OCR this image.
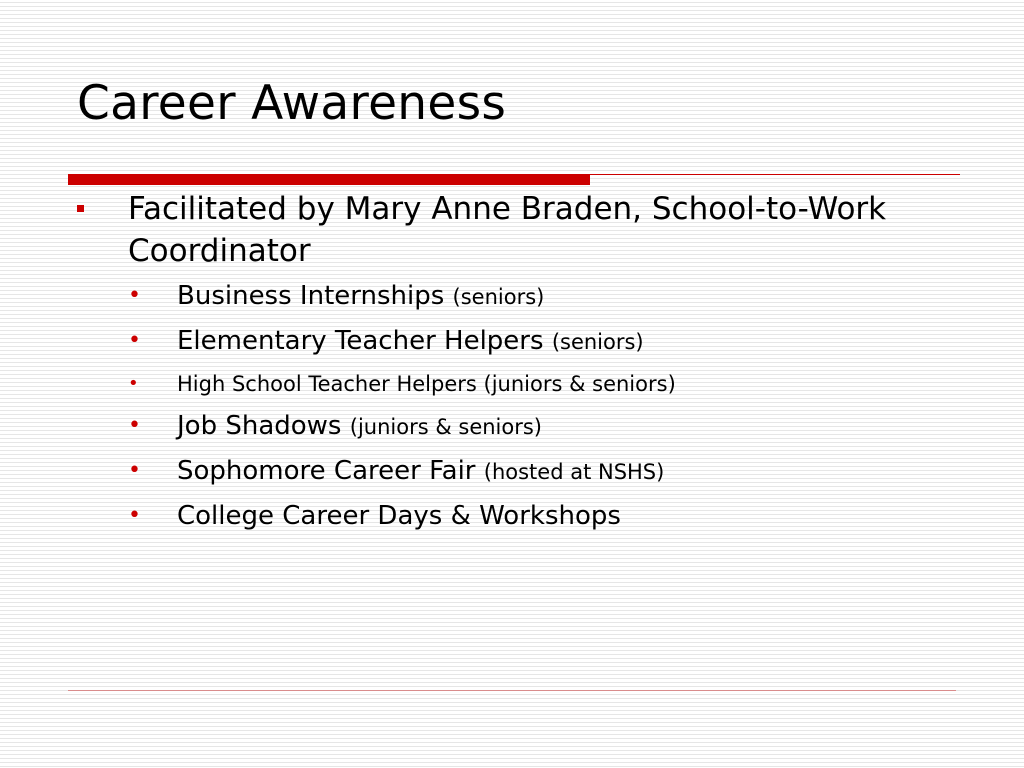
Career Awareness
Facilitated by Mary Anne Braden, School-to-Work Coordinator
• Business Internships (seniors)
• Elementary Teacher Helpers (seniors)
• High School Teacher Helpers (juniors & seniors)
• Job Shadows (juniors & seniors)
• Sophomore Career Fair (hosted at NSHS)
• College Career Days & Workshops
